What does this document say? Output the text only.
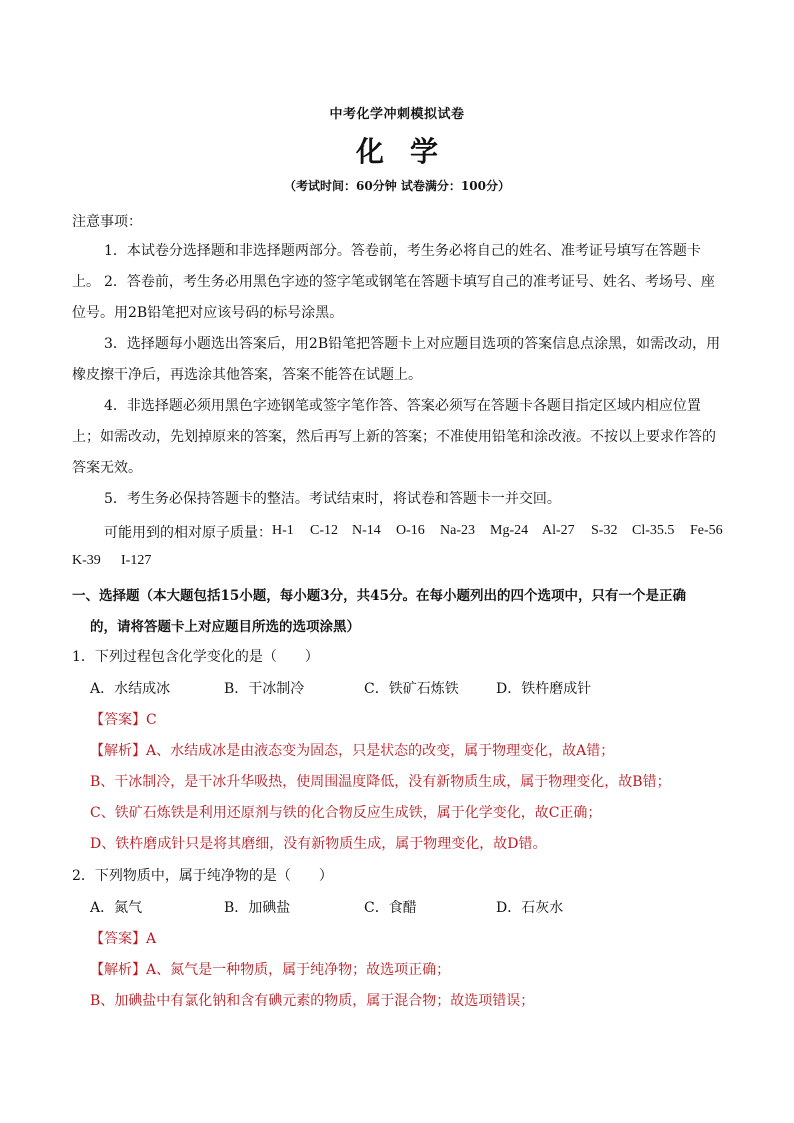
中考化学冲刺模拟试卷
化学
（考试时间：60分钟 试卷满分：100分）
注意事项：
1．本试卷分选择题和非选择题两部分。答卷前，考生务必将自己的姓名、准考证号填写在答题卡上。 2．答卷前，考生务必用黑色字迹的签字笔或钢笔在答题卡填写自己的准考证号、姓名、考场号、座位号。用2B铅笔把对应该号码的标号涂黑。
3．选择题每小题选出答案后，用2B铅笔把答题卡上对应题目选项的答案信息点涂黑，如需改动，用橡皮擦干净后，再选涂其他答案，答案不能答在试题上。
4．非选择题必须用黑色字迹钢笔或签字笔作答、答案必须写在答题卡各题目指定区域内相应位置上；如需改动，先划掉原来的答案，然后再写上新的答案；不准使用铅笔和涂改液。不按以上要求作答的答案无效。
5．考生务必保持答题卡的整洁。考试结束时，将试卷和答题卡一并交回。
可能用到的相对原子质量： H-1 C-12 N-14 O-16 Na-23 Mg-24 Al-27 S-32 Cl-35.5 Fe-56
K-39 I-127
一、选择题（本大题包括15小题，每小题3分，共45分。在每小题列出的四个选项中，只有一个是正确
的，请将答题卡上对应题目所选的选项涂黑）
1．下列过程包含化学变化的是（　　）
A．水结成冰	B．干冰制冷	C．铁矿石炼铁	D．铁杵磨成针
【答案】C
【解析】A、水结成冰是由液态变为固态，只是状态的改变，属于物理变化，故A错；
B、干冰制冷，是干冰升华吸热，使周围温度降低，没有新物质生成，属于物理变化，故B错；
C、铁矿石炼铁是利用还原剂与铁的化合物反应生成铁，属于化学变化，故C正确；
D、铁杵磨成针只是将其磨细，没有新物质生成，属于物理变化，故D错。
2．下列物质中，属于纯净物的是（　　）
A．氮气	B．加碘盐	C．食醋	D．石灰水
【答案】A
【解析】A、氮气是一种物质，属于纯净物；故选项正确；
B、加碘盐中有氯化钠和含有碘元素的物质，属于混合物；故选项错误；
